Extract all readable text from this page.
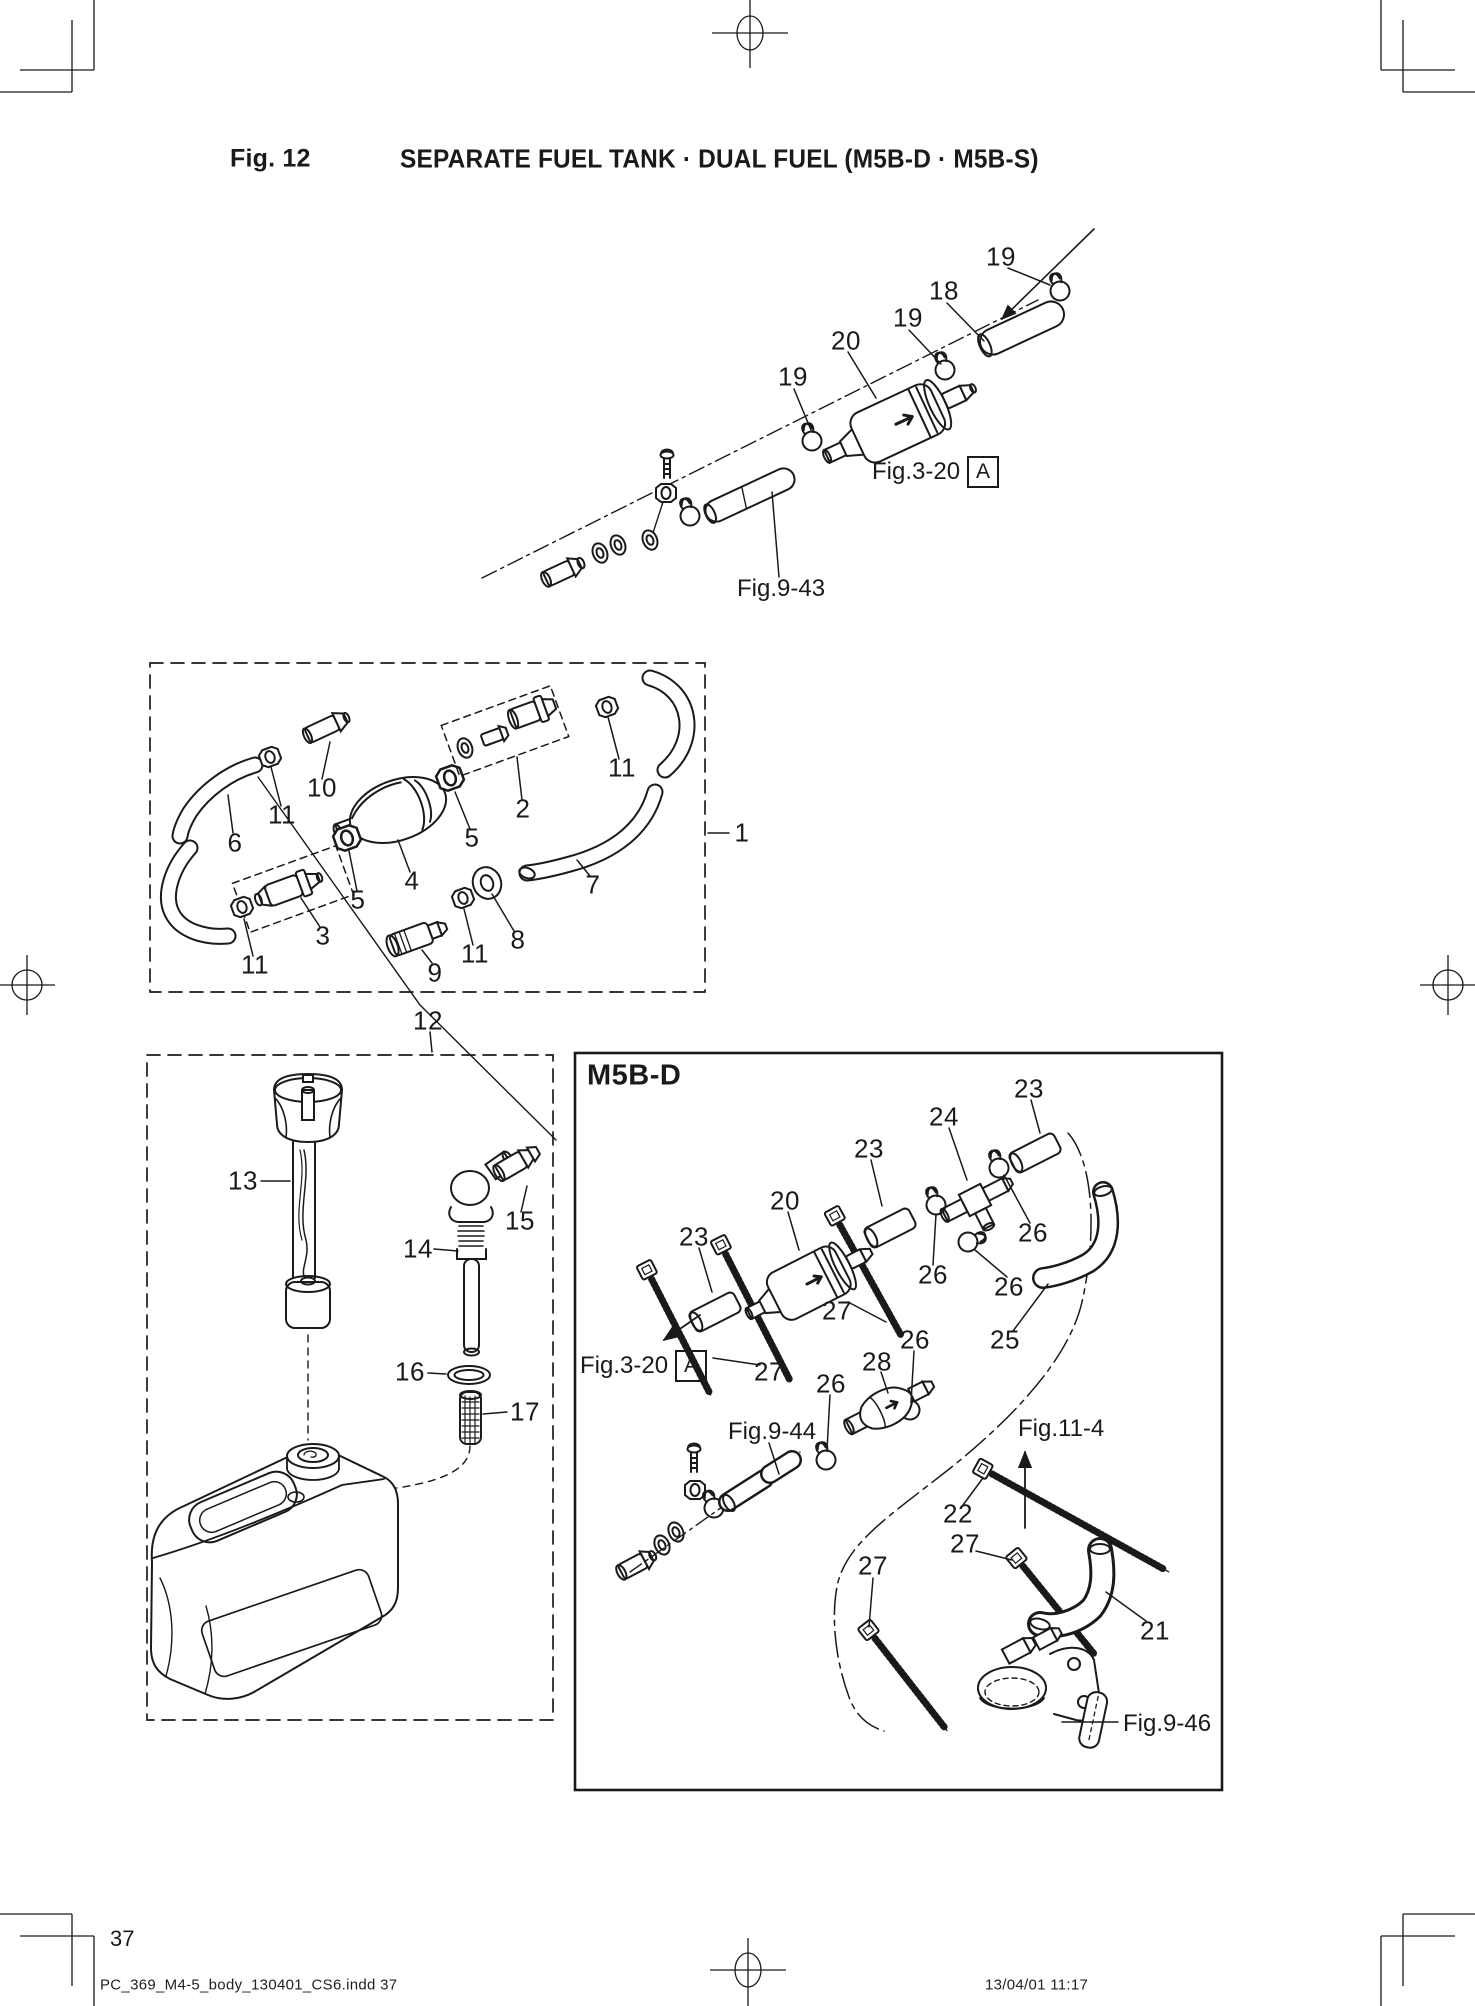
Fig. 12	SEPARATE FUEL TANK · DUAL FUEL (M5B-D · M5B-S)
M5B-D
37
PC_369_M4-5_body_130401_CS6.indd 37	13/04/01 11:17
19
18
19
20
19
6
11
10
2
11
1
5
4
5
3
11	9
11 8
7
12
13
15
14
16
17
23
24
23
20
23	26
26 26
27
26 25
28
26
27
22
27
27
21
Fig.3-20 A
Fig.9-43
Fig.3-20 A
Fig.9-44	Fig.11-4
Fig.9-46
